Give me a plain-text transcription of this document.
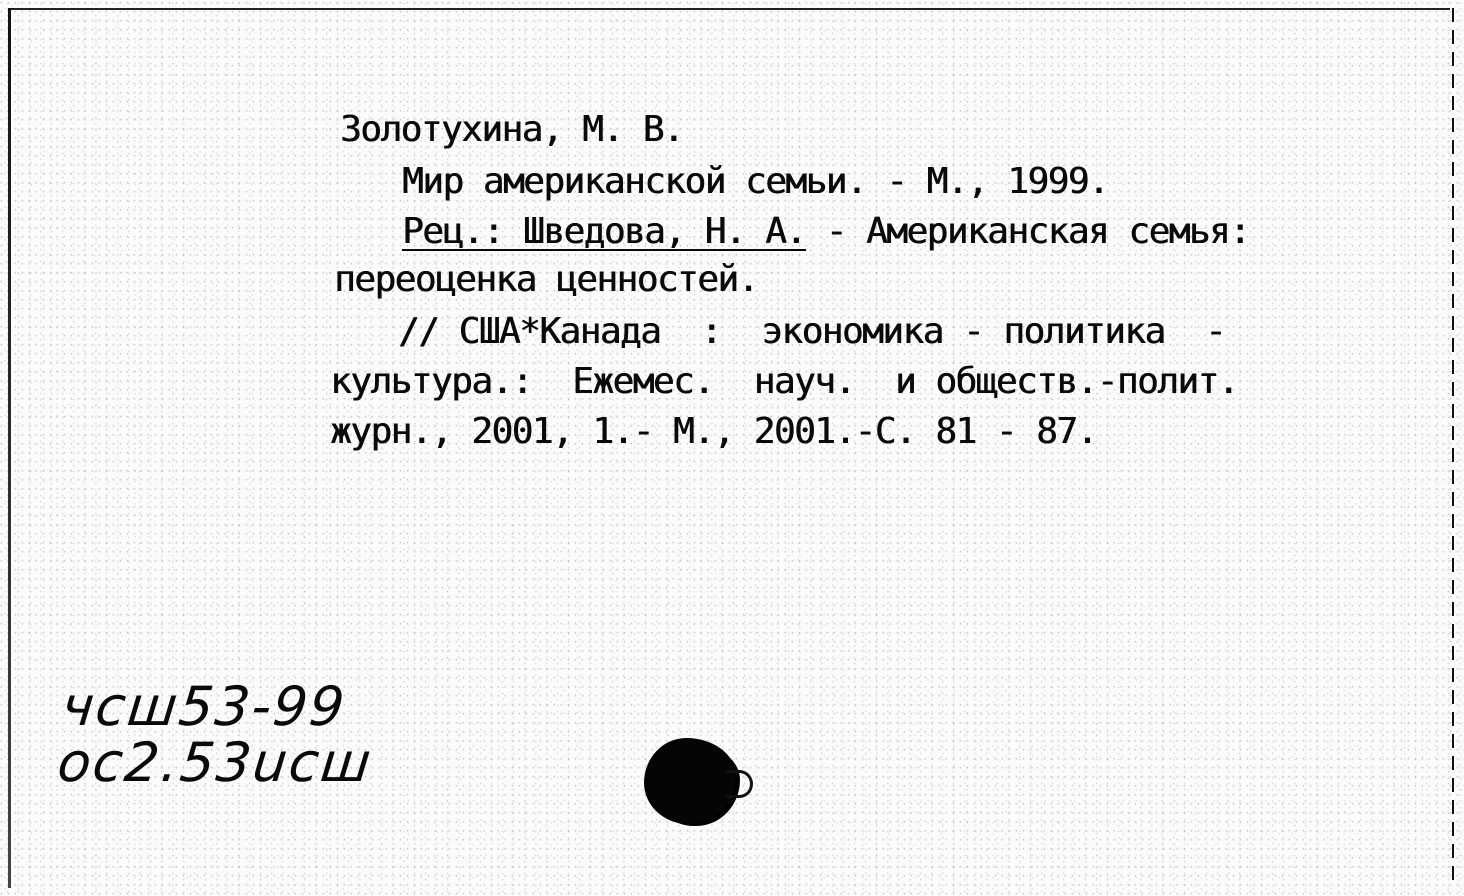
Золотухина, М. В.
Мир американской семьи. - М., 1999.
Рец.: Шведова, Н. А. - Американская семья:
переоценка ценностей.
// США*Канада  :  экономика - политика  -
культура.:  Ежемес.  науч.  и обществ.-полит.
журн., 2001, 1.- М., 2001.-С. 81 - 87.
чсш53-99
ос2.53ucш
